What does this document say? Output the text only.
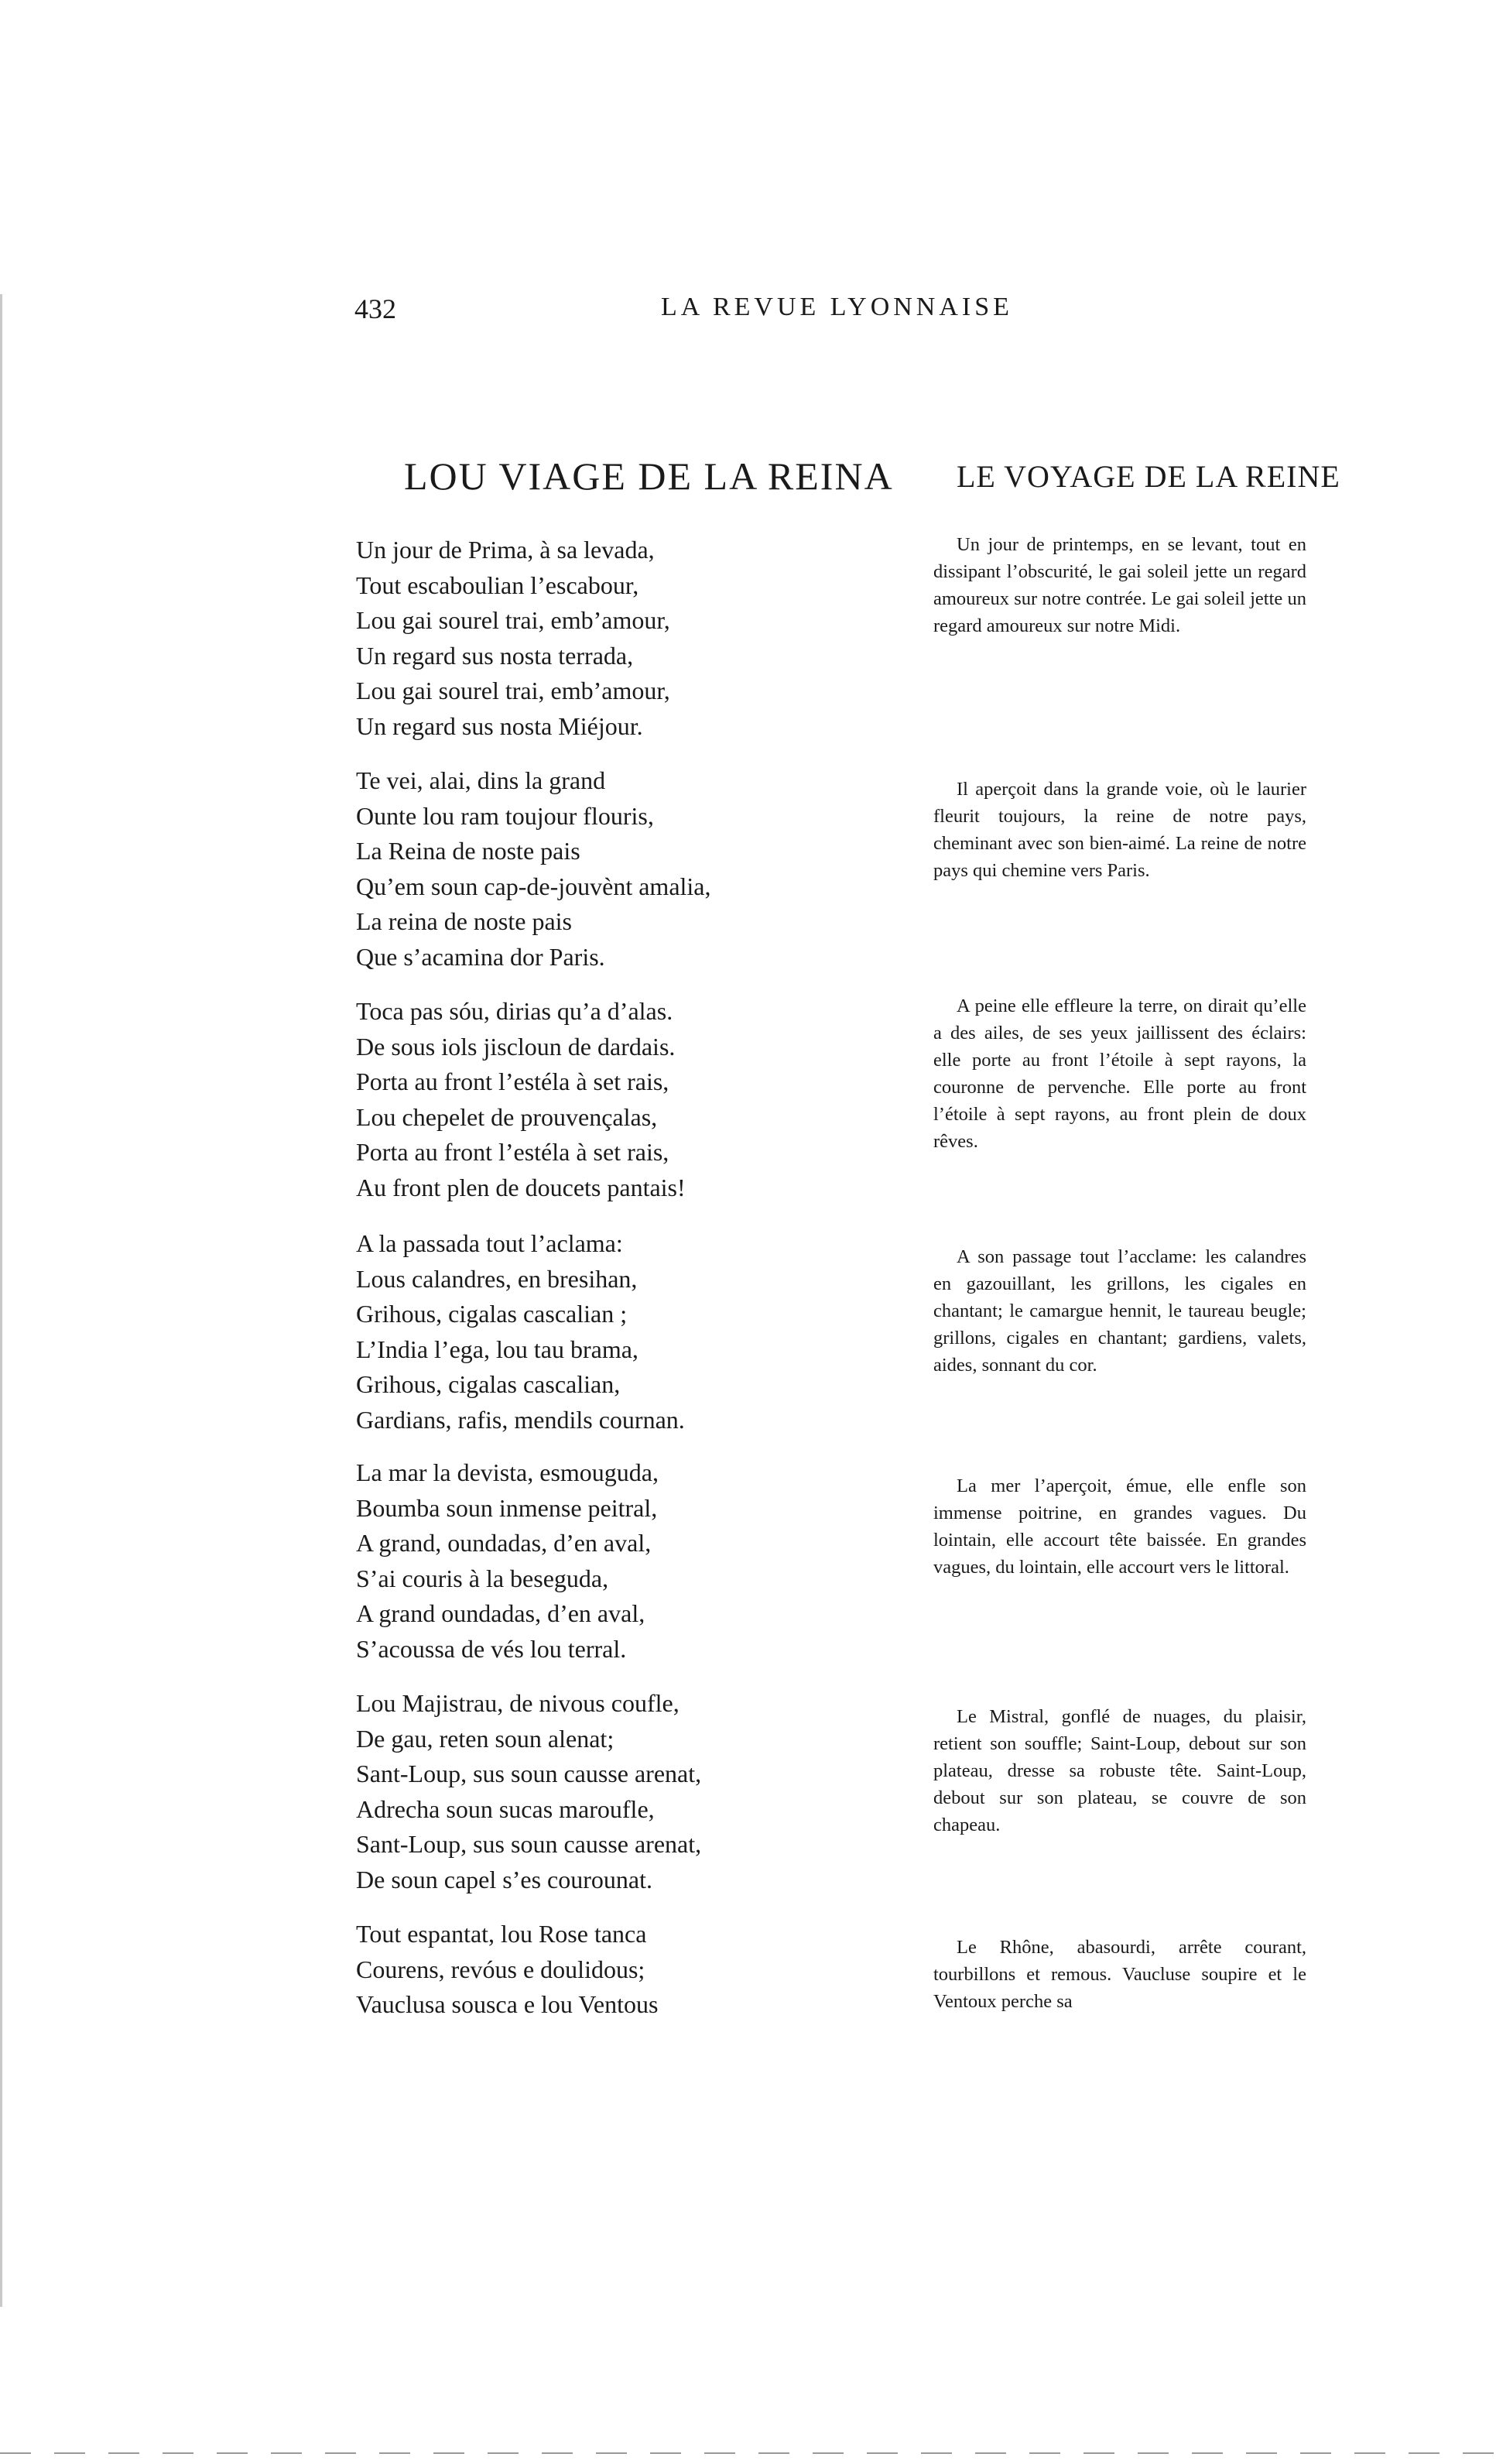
432	LA REVUE LYONNAISE
LOU VIAGE DE LA REINA
Un jour de Prima, à sa levada,
Tout escaboulian l’escabour,
Lou gai sourel trai, emb’amour,
Un regard sus nosta terrada,
Lou gai sourel trai, emb’amour,
Un regard sus nosta Miéjour.
Te vei, alai, dins la grand
Ounte lou ram toujour flouris,
La Reina de noste pais
Qu’em soun cap-de-jouvènt amalia,
La reina de noste pais
Que s’acamina dor Paris.
Toca pas sóu, dirias qu’a d’alas.
De sous iols jiscloun de dardais.
Porta au front l’estéla à set rais,
Lou chepelet de prouvençalas,
Porta au front l’estéla à set rais,
Au front plen de doucets pantais!
A la passada tout l’aclama:
Lous calandres, en bresihan,
Grihous, cigalas cascalian ;
L’India l’ega, lou tau brama,
Grihous, cigalas cascalian,
Gardians, rafis, mendils cournan.
La mar la devista, esmouguda,
Boumba soun inmense peitral,
A grand, oundadas, d’en aval,
S’ai couris à la beseguda,
A grand oundadas, d’en aval,
S’acoussa de vés lou terral.
Lou Majistrau, de nivous coufle,
De gau, reten soun alenat;
Sant-Loup, sus soun causse arenat,
Adrecha soun sucas maroufle,
Sant-Loup, sus soun causse arenat,
De soun capel s’es courounat.
Tout espantat, lou Rose tanca
Courens, revóus e doulidous;
Vauclusa sousca e lou Ventous
LE VOYAGE DE LA REINE

Un jour de printemps, en se levant, tout en dissipant l’obscurité, le gai soleil jette un regard amoureux sur notre contrée. Le gai soleil jette un regard amoureux sur notre Midi.

Il aperçoit dans la grande voie, où le laurier fleurit toujours, la reine de notre pays, cheminant avec son bien-aimé. La reine de notre pays qui chemine vers Paris.

A peine elle effleure la terre, on dirait qu’elle a des ailes, de ses yeux jaillissent des éclairs: elle porte au front l’étoile à sept rayons, la couronne de pervenche. Elle porte au front l’étoile à sept rayons, au front plein de doux rêves.

A son passage tout l’acclame: les calandres en gazouillant, les grillons, les cigales en chantant; le camargue hennit, le taureau beugle; grillons, cigales en chantant; gardiens, valets, aides, sonnant du cor.

La mer l’aperçoit, émue, elle enfle son immense poitrine, en grandes vagues. Du lointain, elle accourt tête baissée. En grandes vagues, du lointain, elle accourt vers le littoral.

Le Mistral, gonflé de nuages, du plaisir, retient son souffle; Saint-Loup, debout sur son plateau, dresse sa robuste tête. Saint-Loup, debout sur son plateau, se couvre de son chapeau.

Le Rhône, abasourdi, arrête courant, tourbillons et remous. Vaucluse soupire et le Ventoux perche sa
